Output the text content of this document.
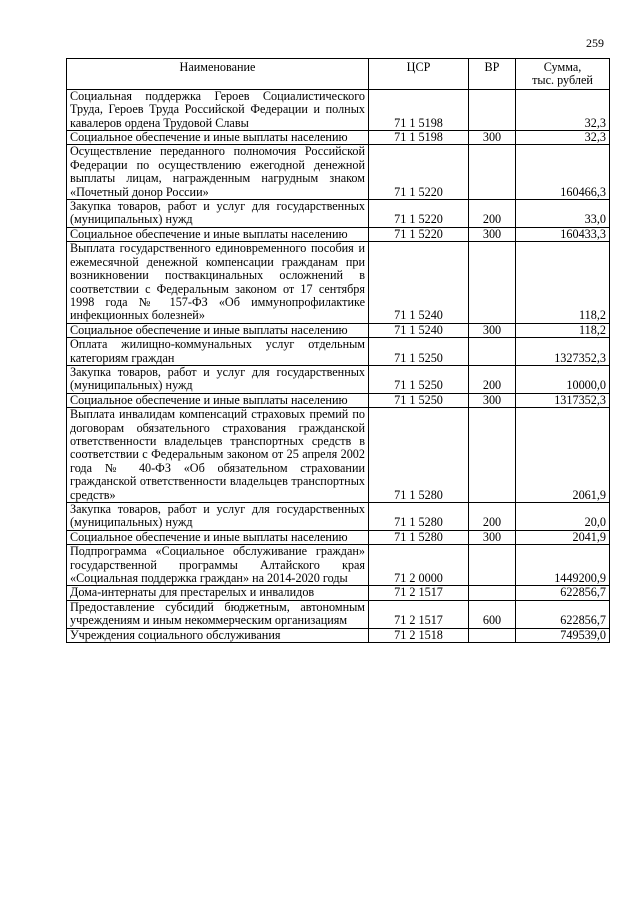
259
Наименование	ЦСР	ВР	Сумма,
тыс. рублей
Социальная поддержка Героев Социалистического Труда, Героев Труда Российской Федерации и полных кавалеров ордена Трудовой Славы	71 1 5198		32,3
Социальное обеспечение и иные выплаты населению	71 1 5198	300	32,3
Осуществление переданного полномочия Российской Федерации по осуществлению ежегодной денежной выплаты лицам, награжденным нагрудным знаком «Почетный донор России»	71 1 5220		160466,3
Закупка товаров, работ и услуг для государственных (муниципальных) нужд	71 1 5220	200	33,0
Социальное обеспечение и иные выплаты населению	71 1 5220	300	160433,3
Выплата государственного единовременного пособия и ежемесячной денежной компенсации гражданам при возникновении поствакцинальных осложнений в соответствии с Федеральным законом от 17 сентября 1998 года № 157-ФЗ «Об иммунопрофилактике инфекционных болезней»	71 1 5240		118,2
Социальное обеспечение и иные выплаты населению	71 1 5240	300	118,2
Оплата жилищно-коммунальных услуг отдельным категориям граждан	71 1 5250		1327352,3
Закупка товаров, работ и услуг для государственных (муниципальных) нужд	71 1 5250	200	10000,0
Социальное обеспечение и иные выплаты населению	71 1 5250	300	1317352,3
Выплата инвалидам компенсаций страховых премий по договорам обязательного страхования гражданской ответственности владельцев транспортных средств в соответствии с Федеральным законом от 25 апреля 2002 года № 40-ФЗ «Об обязательном страховании гражданской ответственности владельцев транспортных средств»	71 1 5280		2061,9
Закупка товаров, работ и услуг для государственных (муниципальных) нужд	71 1 5280	200	20,0
Социальное обеспечение и иные выплаты населению	71 1 5280	300	2041,9
Подпрограмма «Социальное обслуживание граждан» государственной программы Алтайского края «Социальная поддержка граждан» на 2014-2020 годы	71 2 0000		1449200,9
Дома-интернаты для престарелых и инвалидов	71 2 1517		622856,7
Предоставление субсидий бюджетным, автономным учреждениям и иным некоммерческим организациям	71 2 1517	600	622856,7
Учреждения социального обслуживания	71 2 1518		749539,0
